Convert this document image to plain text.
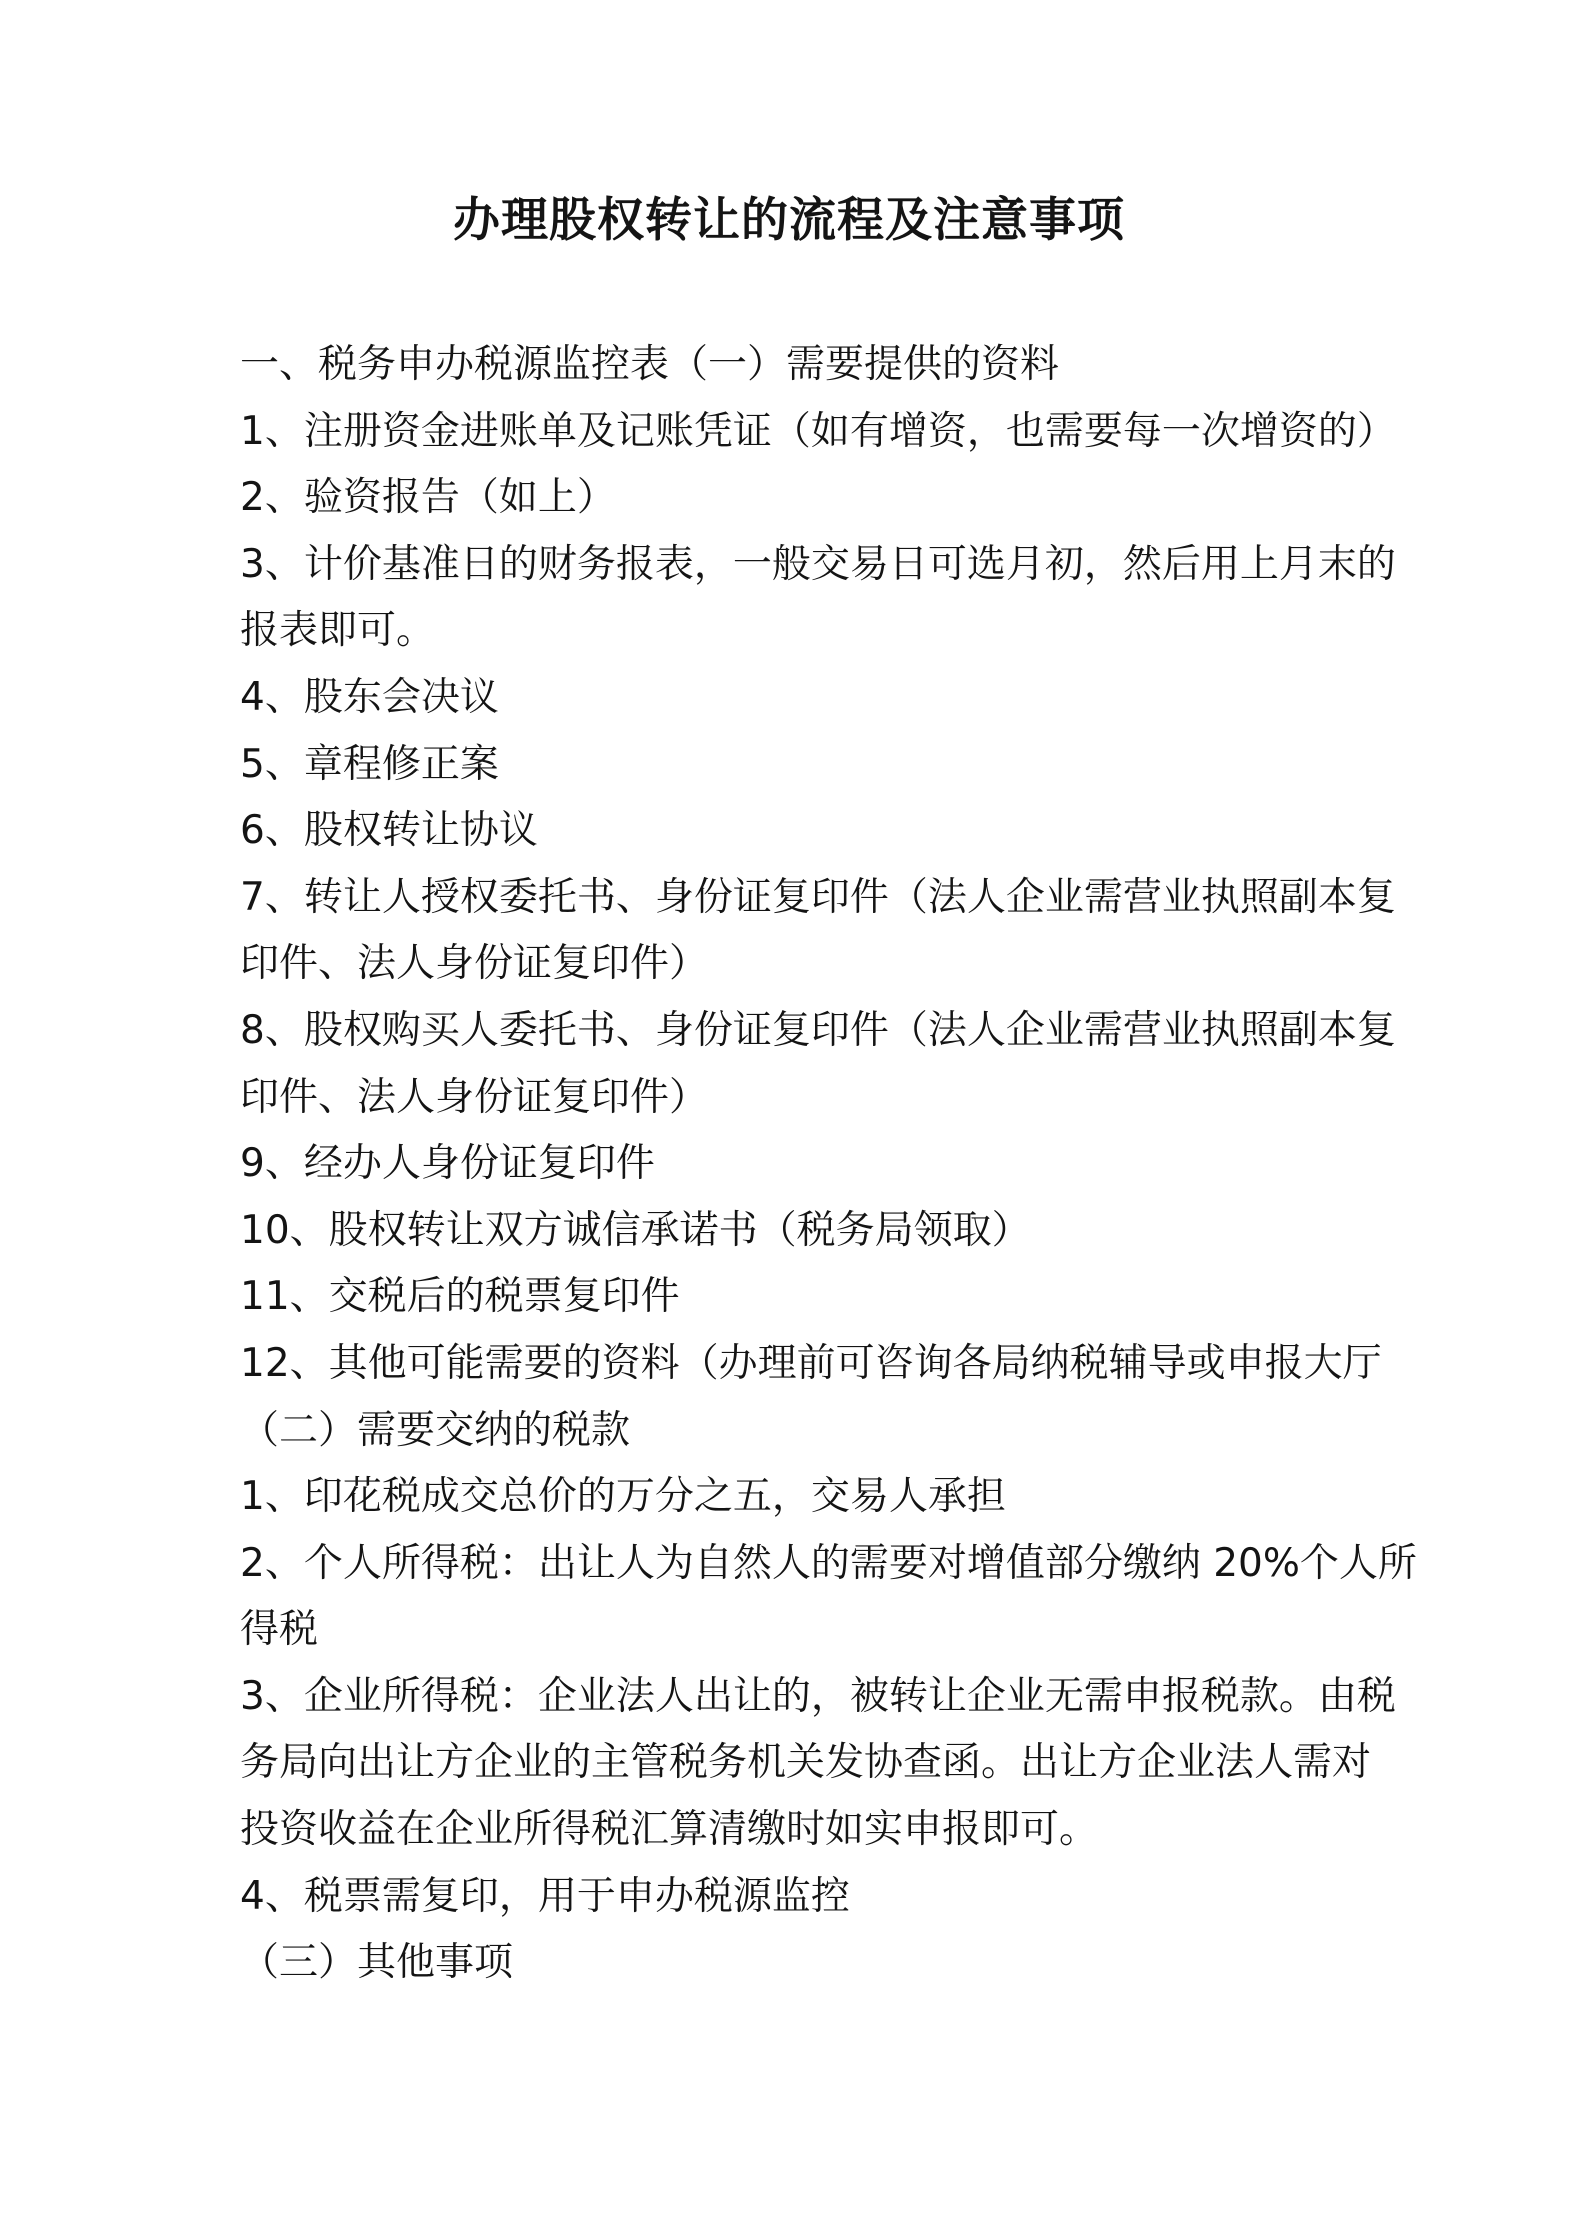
办理股权转让的流程及注意事项
一、税务申办税源监控表（一）需要提供的资料
1、注册资金进账单及记账凭证（如有增资，也需要每一次增资的）
2、验资报告（如上）
3、计价基准日的财务报表，一般交易日可选月初，然后用上月末的
报表即可。
4、股东会决议
5、章程修正案
6、股权转让协议
7、转让人授权委托书、身份证复印件（法人企业需营业执照副本复
印件、法人身份证复印件）
8、股权购买人委托书、身份证复印件（法人企业需营业执照副本复
印件、法人身份证复印件）
9、经办人身份证复印件
10、股权转让双方诚信承诺书（税务局领取）
11、交税后的税票复印件
12、其他可能需要的资料（办理前可咨询各局纳税辅导或申报大厅
（二）需要交纳的税款
1、印花税成交总价的万分之五，交易人承担
2、个人所得税：出让人为自然人的需要对增值部分缴纳 20%个人所
得税
3、企业所得税：企业法人出让的，被转让企业无需申报税款。由税
务局向出让方企业的主管税务机关发协查函。出让方企业法人需对
投资收益在企业所得税汇算清缴时如实申报即可。
4、税票需复印，用于申办税源监控
（三）其他事项
